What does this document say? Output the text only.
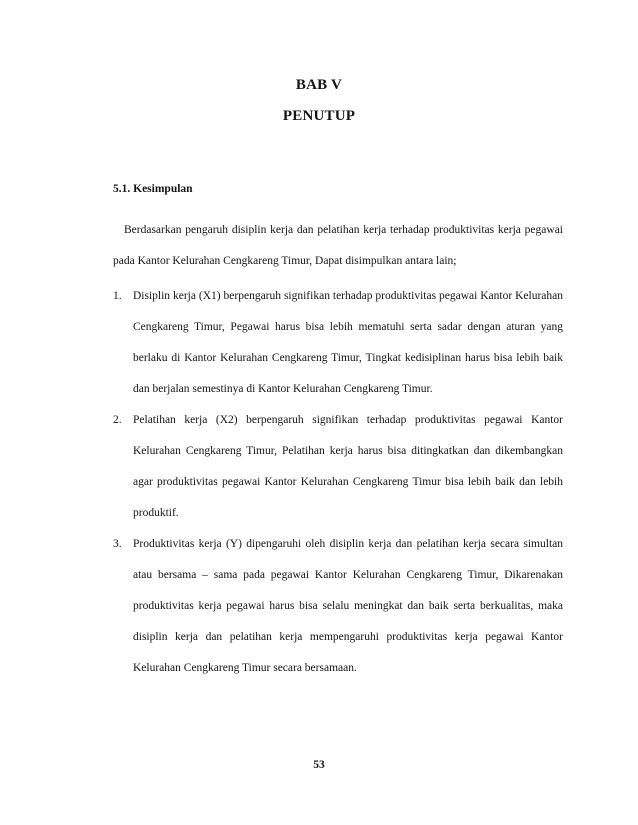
BAB V
PENUTUP
5.1. Kesimpulan

Berdasarkan pengaruh disiplin kerja dan pelatihan kerja terhadap produktivitas kerja pegawai pada Kantor Kelurahan Cengkareng Timur, Dapat disimpulkan antara lain;

1. Disiplin kerja (X1) berpengaruh signifikan terhadap produktivitas pegawai Kantor Kelurahan Cengkareng Timur, Pegawai harus bisa lebih mematuhi serta sadar dengan aturan yang berlaku di Kantor Kelurahan Cengkareng Timur, Tingkat kedisiplinan harus bisa lebih baik dan berjalan semestinya di Kantor Kelurahan Cengkareng Timur.
2. Pelatihan kerja (X2) berpengaruh signifikan terhadap produktivitas pegawai Kantor Kelurahan Cengkareng Timur, Pelatihan kerja harus bisa ditingkatkan dan dikembangkan agar produktivitas pegawai Kantor Kelurahan Cengkareng Timur bisa lebih baik dan lebih produktif.
3. Produktivitas kerja (Y) dipengaruhi oleh disiplin kerja dan pelatihan kerja secara simultan atau bersama – sama pada pegawai Kantor Kelurahan Cengkareng Timur, Dikarenakan produktivitas kerja pegawai harus bisa selalu meningkat dan baik serta berkualitas, maka disiplin kerja dan pelatihan kerja mempengaruhi produktivitas kerja pegawai Kantor Kelurahan Cengkareng Timur secara bersamaan.
53
